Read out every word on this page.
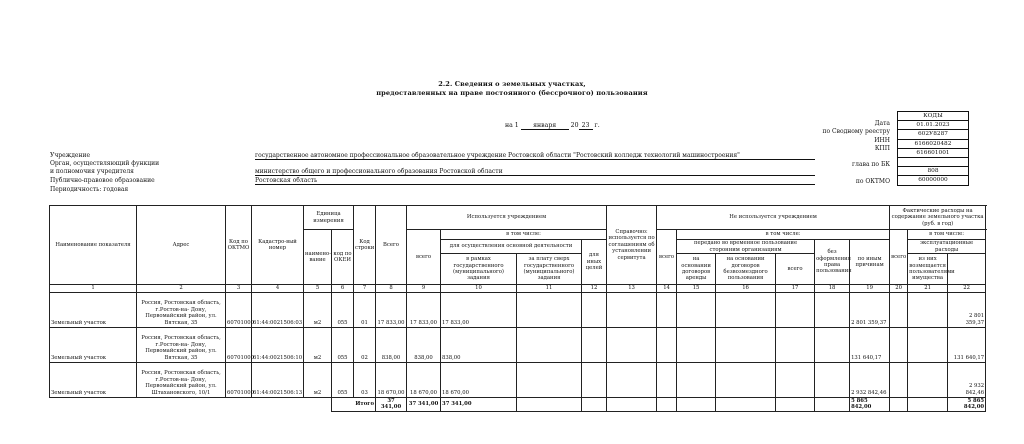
2.2. Сведения о земельных участках,
предоставленных на праве постоянного (бессрочного) пользования
на 1 января 20 23 г.
КОДЫ
01.01.2023
602У8287
6166020482
616601001
808
60000000
Дата
по Сводному реестру
ИНН
КПП
глава по БК
по ОКТМО
Учреждение	государственное автономное профессиональное образовательное учреждение Ростовской области "Ростовский колледж технологий машиностроения"
Орган, осуществляющий функции
и полномочия учредителя	министерство общего и профессионального образования Ростовской области
Публично-правовое образование	Ростовская область
Периодичность: годовая
Наименование показателя	Адрес	Код по ОКТМО	Кадастро-вый номер	Единица измерения		Код строки	Всего	Используется учреждением				Справочно: используется по соглашениям об установлении сервитута	Не используется учреждением						Фактические расходы на содержание земельного участка (руб. в год)			
				наимено-вание	код по ОКЕИ			всего	в том числе:				всего	в том числе:					всего	в том числе:		
									для осуществления основной деятельности		для иных целей			передано во временное пользование сторонним организациям			без оформления права пользования	по иным причинам		эксплуатационные расходы	
									в рамках государственного (муниципального) задания	за плату сверх государственного (муниципального) задания				на основании договоров аренды	на основании договоров безвозмездного пользования	всего				из них возмещается пользователями имущества		
1	2	3	4	5	6	7	8	9	10	11	12	13	14	15	16	17	18	19	20	21	22	
Земельный участок	Россия, Ростовская область, г.Ростов-на- Дону, Первомайский район, ул. Вятская, 35	60701000	61:44:0021506:03	м2	055	01	17 833,00	17 833,00	17 833,00									2 801 359,37			2 801 359,37	
Земельный участок	Россия, Ростовская область, г.Ростов-на- Дону, Первомайский район, ул. Вятская, 35	60701000	61:44:0021506:10	м2	055	02	838,00	838,00	838,00									131 640,17			131 640,17	
Земельный участок	Россия, Ростовская область, г.Ростов-на- Дону, Первомайский район, ул. Штахановского, 10/1	60701000	61:44:0021506:13	м2	055	03	18 670,00	18 670,00	18 670,00									2 932 842,46			2 932 842,46	
					Итого		37 341,00	37 341,00	37 341,00									5 865 842,00			5 865 842,00	
